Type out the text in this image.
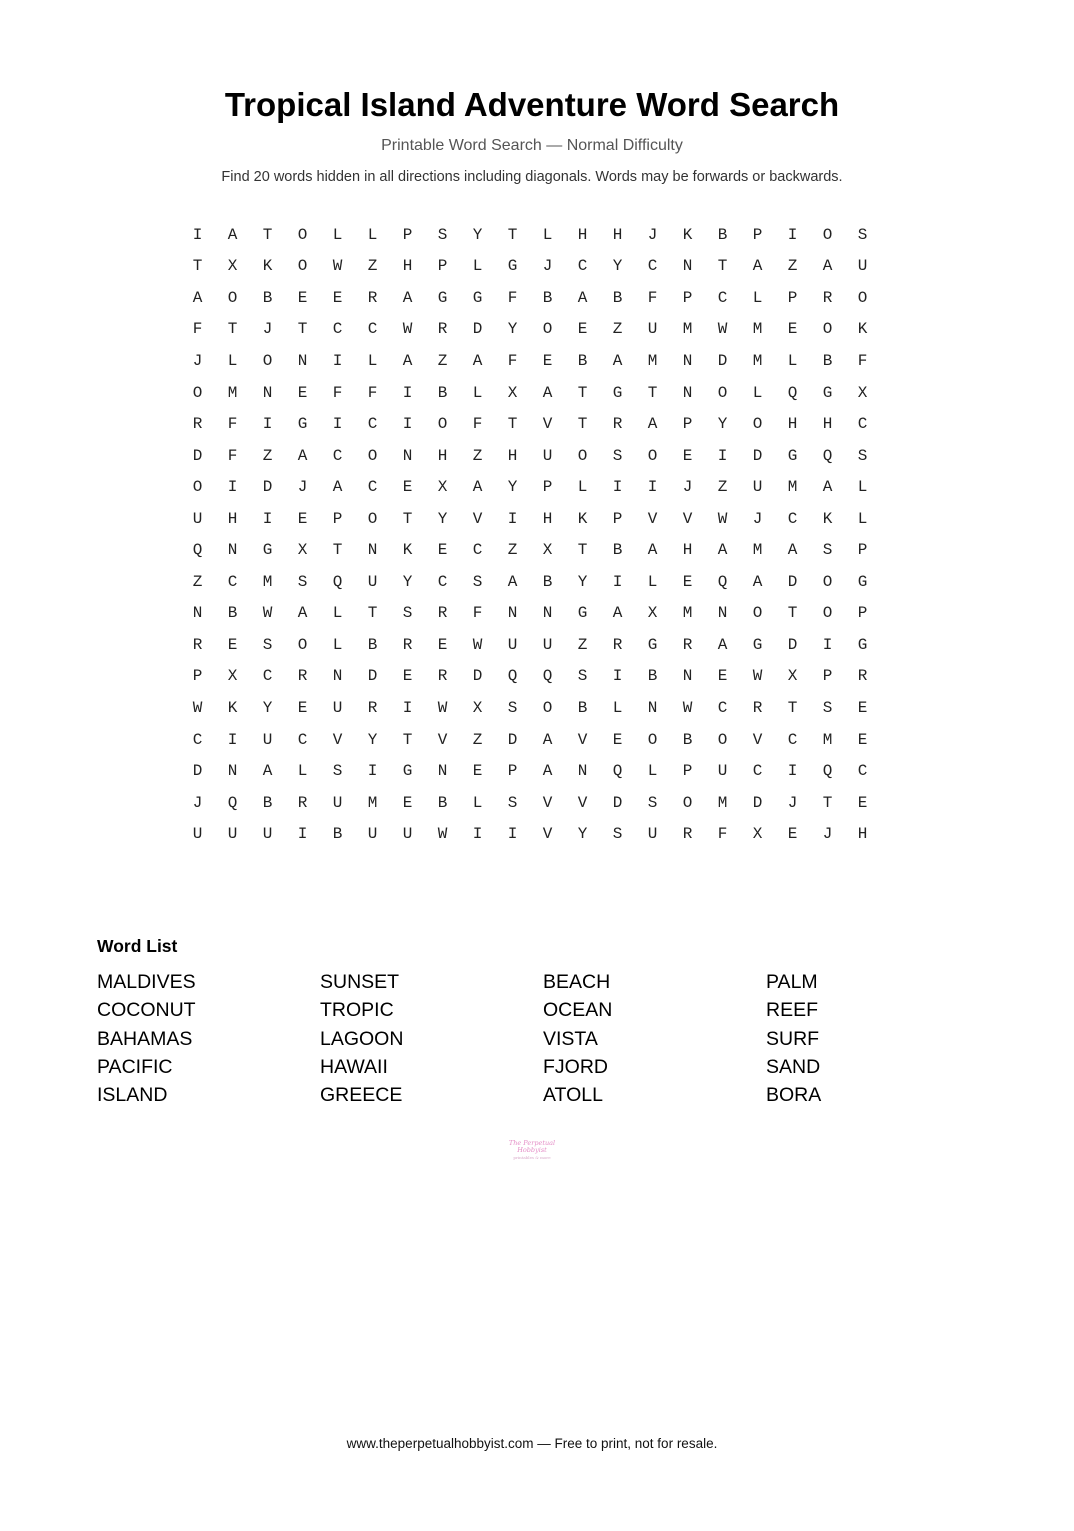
Tropical Island Adventure Word Search
Printable Word Search — Normal Difficulty
Find 20 words hidden in all directions including diagonals. Words may be forwards or backwards.
I	A	T	O	L	L	P	S	Y	T	L	H	H	J	K	B	P	I	O	S
T	X	K	O	W	Z	H	P	L	G	J	C	Y	C	N	T	A	Z	A	U
A	O	B	E	E	R	A	G	G	F	B	A	B	F	P	C	L	P	R	O
F	T	J	T	C	C	W	R	D	Y	O	E	Z	U	M	W	M	E	O	K
J	L	O	N	I	L	A	Z	A	F	E	B	A	M	N	D	M	L	B	F
O	M	N	E	F	F	I	B	L	X	A	T	G	T	N	O	L	Q	G	X
R	F	I	G	I	C	I	O	F	T	V	T	R	A	P	Y	O	H	H	C
D	F	Z	A	C	O	N	H	Z	H	U	O	S	O	E	I	D	G	Q	S
O	I	D	J	A	C	E	X	A	Y	P	L	I	I	J	Z	U	M	A	L
U	H	I	E	P	O	T	Y	V	I	H	K	P	V	V	W	J	C	K	L
Q	N	G	X	T	N	K	E	C	Z	X	T	B	A	H	A	M	A	S	P
Z	C	M	S	Q	U	Y	C	S	A	B	Y	I	L	E	Q	A	D	O	G
N	B	W	A	L	T	S	R	F	N	N	G	A	X	M	N	O	T	O	P
R	E	S	O	L	B	R	E	W	U	U	Z	R	G	R	A	G	D	I	G
P	X	C	R	N	D	E	R	D	Q	Q	S	I	B	N	E	W	X	P	R
W	K	Y	E	U	R	I	W	X	S	O	B	L	N	W	C	R	T	S	E
C	I	U	C	V	Y	T	V	Z	D	A	V	E	O	B	O	V	C	M	E
D	N	A	L	S	I	G	N	E	P	A	N	Q	L	P	U	C	I	Q	C
J	Q	B	R	U	M	E	B	L	S	V	V	D	S	O	M	D	J	T	E
U	U	U	I	B	U	U	W	I	I	V	Y	S	U	R	F	X	E	J	H
Word List
MALDIVES
COCONUT
BAHAMAS
PACIFIC
ISLAND
SUNSET
TROPIC
LAGOON
HAWAII
GREECE
BEACH
OCEAN
VISTA
FJORD
ATOLL
PALM
REEF
SURF
SAND
BORA
The Perpetual
Hobbyist
printables & more
www.theperpetualhobbyist.com — Free to print, not for resale.
